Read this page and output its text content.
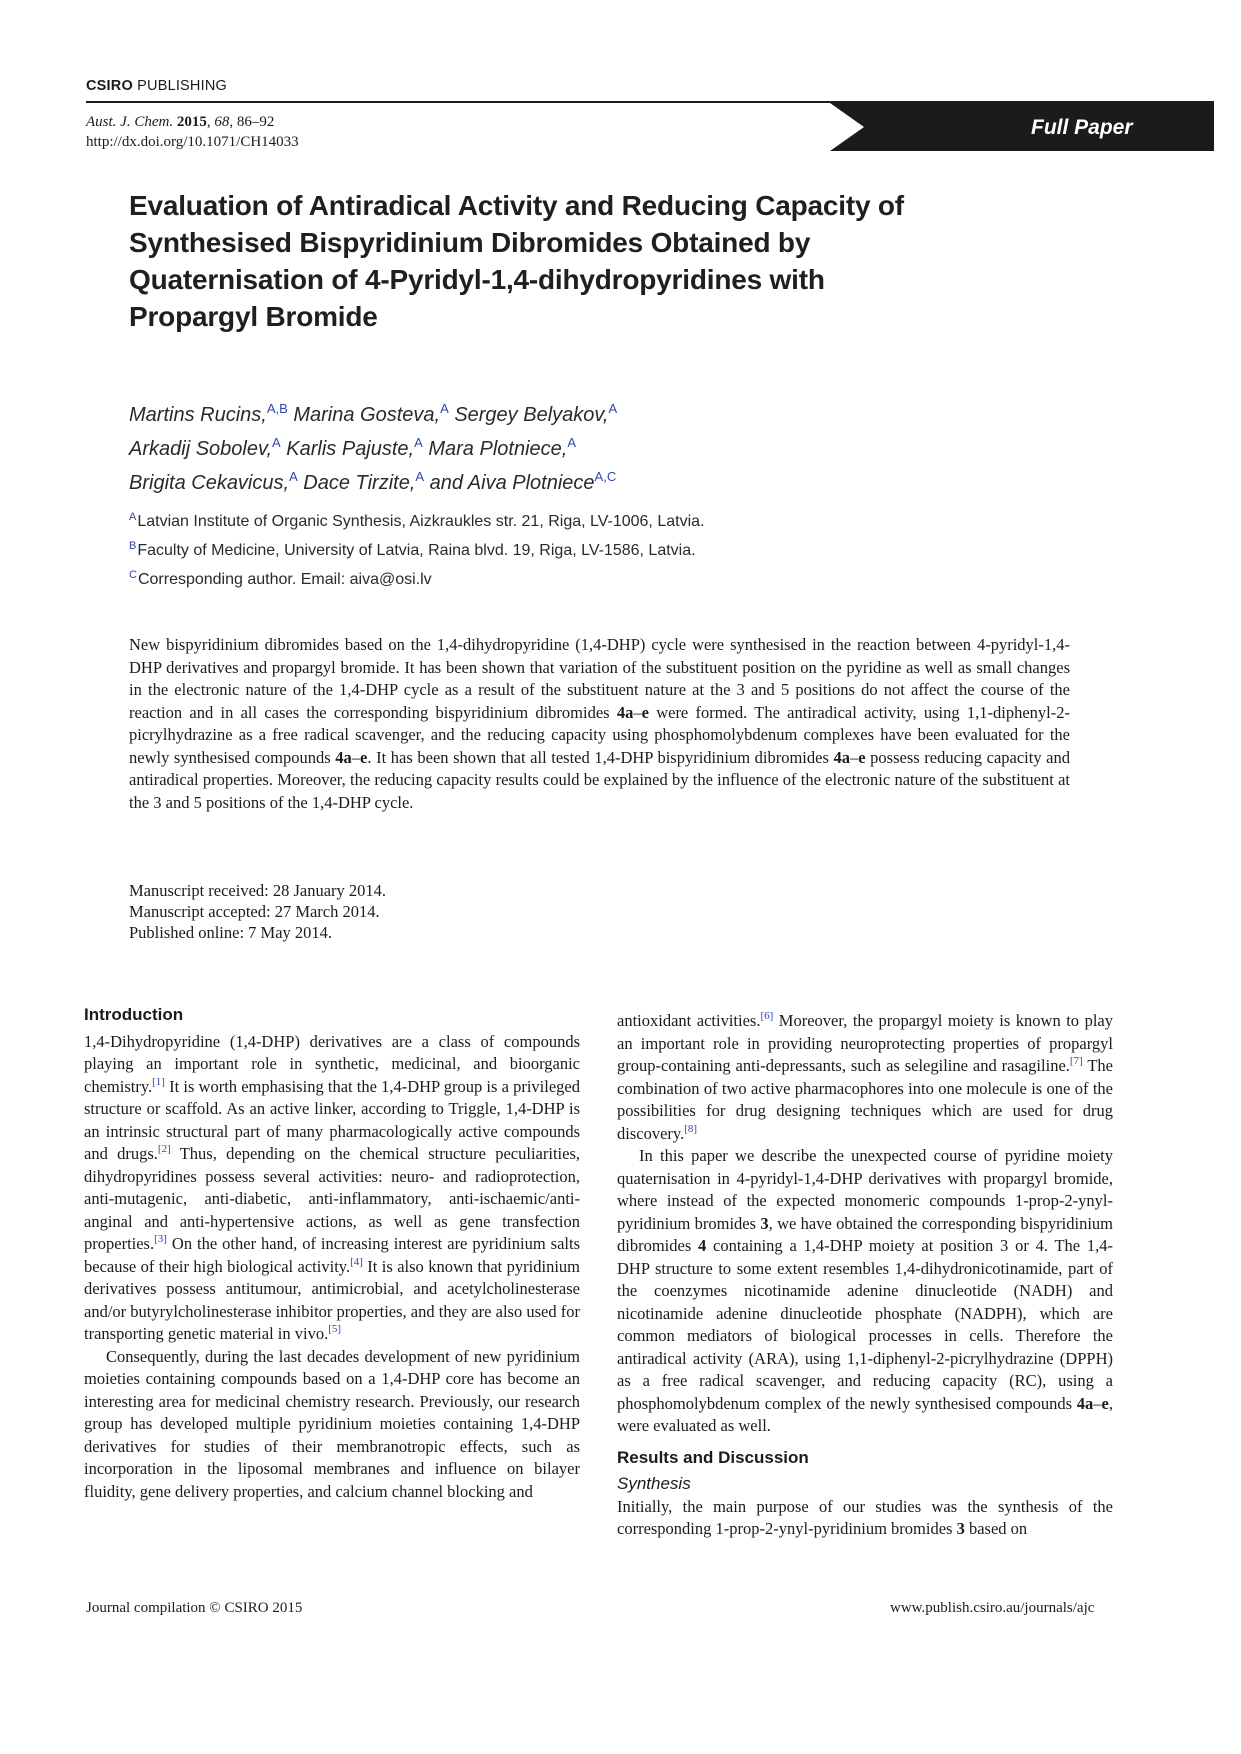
CSIRO PUBLISHING
Aust. J. Chem. 2015, 68, 86–92
http://dx.doi.org/10.1071/CH14033
Full Paper
Evaluation of Antiradical Activity and Reducing Capacity of Synthesised Bispyridinium Dibromides Obtained by Quaternisation of 4-Pyridyl-1,4-dihydropyridines with Propargyl Bromide
Martins Rucins,$^{A,B}$ Marina Gosteva,$^A$ Sergey Belyakov,$^A$
Arkadij Sobolev,$^A$ Karlis Pajuste,$^A$ Mara Plotniece,$^A$
Brigita Cekavicus,$^A$ Dace Tirzite,$^A$ and Aiva Plotniece$^{A,C}$
$^A$Latvian Institute of Organic Synthesis, Aizkraukles str. 21, Riga, LV-1006, Latvia.
$^B$Faculty of Medicine, University of Latvia, Raina blvd. 19, Riga, LV-1586, Latvia.
$^C$Corresponding author. Email: aiva@osi.lv
New bispyridinium dibromides based on the 1,4-dihydropyridine (1,4-DHP) cycle were synthesised in the reaction between 4-pyridyl-1,4-DHP derivatives and propargyl bromide. It has been shown that variation of the substituent position on the pyridine as well as small changes in the electronic nature of the 1,4-DHP cycle as a result of the substituent nature at the 3 and 5 positions do not affect the course of the reaction and in all cases the corresponding bispyridinium dibromides 4a–e were formed. The antiradical activity, using 1,1-diphenyl-2-picrylhydrazine as a free radical scavenger, and the reducing capacity using phosphomolybdenum complexes have been evaluated for the newly synthesised compounds 4a–e. It has been shown that all tested 1,4-DHP bispyridinium dibromides 4a–e possess reducing capacity and antiradical properties. Moreover, the reducing capacity results could be explained by the influence of the electronic nature of the substituent at the 3 and 5 positions of the 1,4-DHP cycle.
Manuscript received: 28 January 2014.
Manuscript accepted: 27 March 2014.
Published online: 7 May 2014.
Introduction

1,4-Dihydropyridine (1,4-DHP) derivatives are a class of compounds playing an important role in synthetic, medicinal, and bioorganic chemistry.[1] It is worth emphasising that the 1,4-DHP group is a privileged structure or scaffold. As an active linker, according to Triggle, 1,4-DHP is an intrinsic structural part of many pharmacologically active compounds and drugs.[2] Thus, depending on the chemical structure peculiarities, dihydropyridines possess several activities: neuro- and radioprotection, anti-mutagenic, anti-diabetic, anti-inflammatory, anti-ischaemic/anti-anginal and anti-hypertensive actions, as well as gene transfection properties.[3] On the other hand, of increasing interest are pyridinium salts because of their high biological activity.[4] It is also known that pyridinium derivatives possess antitumour, antimicrobial, and acetylcholinesterase and/or butyrylcholinesterase inhibitor properties, and they are also used for transporting genetic material in vivo.[5]

Consequently, during the last decades development of new pyridinium moieties containing compounds based on a 1,4-DHP core has become an interesting area for medicinal chemistry research. Previously, our research group has developed multiple pyridinium moieties containing 1,4-DHP derivatives for studies of their membranotropic effects, such as incorporation in the liposomal membranes and influence on bilayer fluidity, gene delivery properties, and calcium channel blocking and

antioxidant activities.[6] Moreover, the propargyl moiety is known to play an important role in providing neuroprotecting properties of propargyl group-containing anti-depressants, such as selegiline and rasagiline.[7] The combination of two active pharmacophores into one molecule is one of the possibilities for drug designing techniques which are used for drug discovery.[8]

In this paper we describe the unexpected course of pyridine moiety quaternisation in 4-pyridyl-1,4-DHP derivatives with propargyl bromide, where instead of the expected monomeric compounds 1-prop-2-ynyl-pyridinium bromides 3, we have obtained the corresponding bispyridinium dibromides 4 containing a 1,4-DHP moiety at position 3 or 4. The 1,4-DHP structure to some extent resembles 1,4-dihydronicotinamide, part of the coenzymes nicotinamide adenine dinucleotide (NADH) and nicotinamide adenine dinucleotide phosphate (NADPH), which are common mediators of biological processes in cells. Therefore the antiradical activity (ARA), using 1,1-diphenyl-2-picrylhydrazine (DPPH) as a free radical scavenger, and reducing capacity (RC), using a phosphomolybdenum complex of the newly synthesised compounds 4a–e, were evaluated as well.

Results and Discussion
Synthesis

Initially, the main purpose of our studies was the synthesis of the corresponding 1-prop-2-ynyl-pyridinium bromides 3 based on

Journal compilation © CSIRO 2015	www.publish.csiro.au/journals/ajc
